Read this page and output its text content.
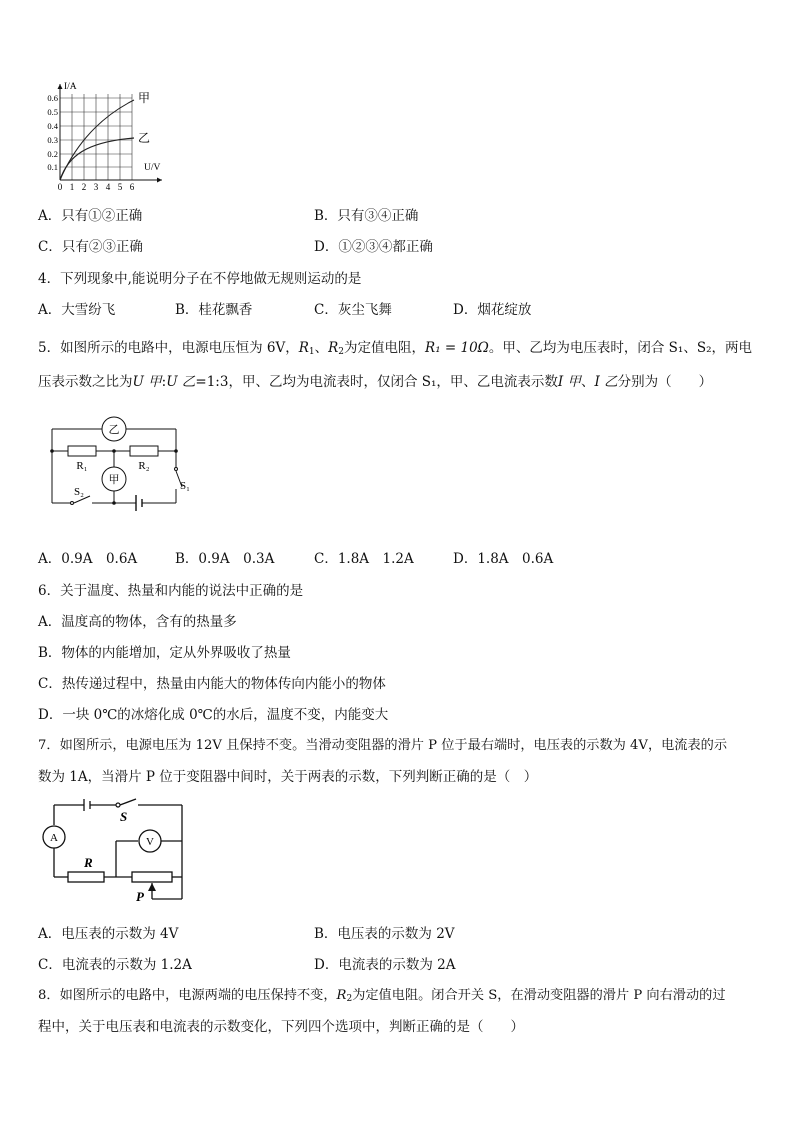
I/A
U/V
甲
乙
0.6
0.5
0.4
0.3
0.2
0.1
0 1 2 3 4 5 6
A．只有①②正确	B．只有③④正确
C．只有②③正确	D．①②③④都正确
4．下列现象中,能说明分子在不停地做无规则运动的是
A．大雪纷飞	B．桂花飘香	C．灰尘飞舞	D．烟花绽放
5．如图所示的电路中，电源电压恒为 6V，$R_1$、$R_2$为定值电阻，R₁ = 10Ω。甲、乙均为电压表时，闭合 S₁、S₂，两电
压表示数之比为U 甲:U 乙=1:3，甲、乙均为电流表时，仅闭合 S₁，甲、乙电流表示数I 甲、I 乙分别为（　　）
乙
甲
R₁	R₂
S₁
S₂
A．0.9A　0.6A	B．0.9A　0.3A	C．1.8A　1.2A	D．1.8A　0.6A
6．关于温度、热量和内能的说法中正确的是
A．温度高的物体，含有的热量多
B．物体的内能增加，定从外界吸收了热量
C．热传递过程中，热量由内能大的物体传向内能小的物体
D．一块 0℃的冰熔化成 0℃的水后，温度不变，内能变大
7．如图所示，电源电压为 12V 且保持不变。当滑动变阻器的滑片 P 位于最右端时，电压表的示数为 4V，电流表的示
数为 1A，当滑片 P 位于变阻器中间时，关于两表的示数，下列判断正确的是（　）
S
A	V
R
P
A．电压表的示数为 4V	B．电压表的示数为 2V
C．电流表的示数为 1.2A	D．电流表的示数为 2A
8．如图所示的电路中，电源两端的电压保持不变，$R_2$为定值电阻。闭合开关 S，在滑动变阻器的滑片 P 向右滑动的过
程中，关于电压表和电流表的示数变化，下列四个选项中，判断正确的是（　　）
